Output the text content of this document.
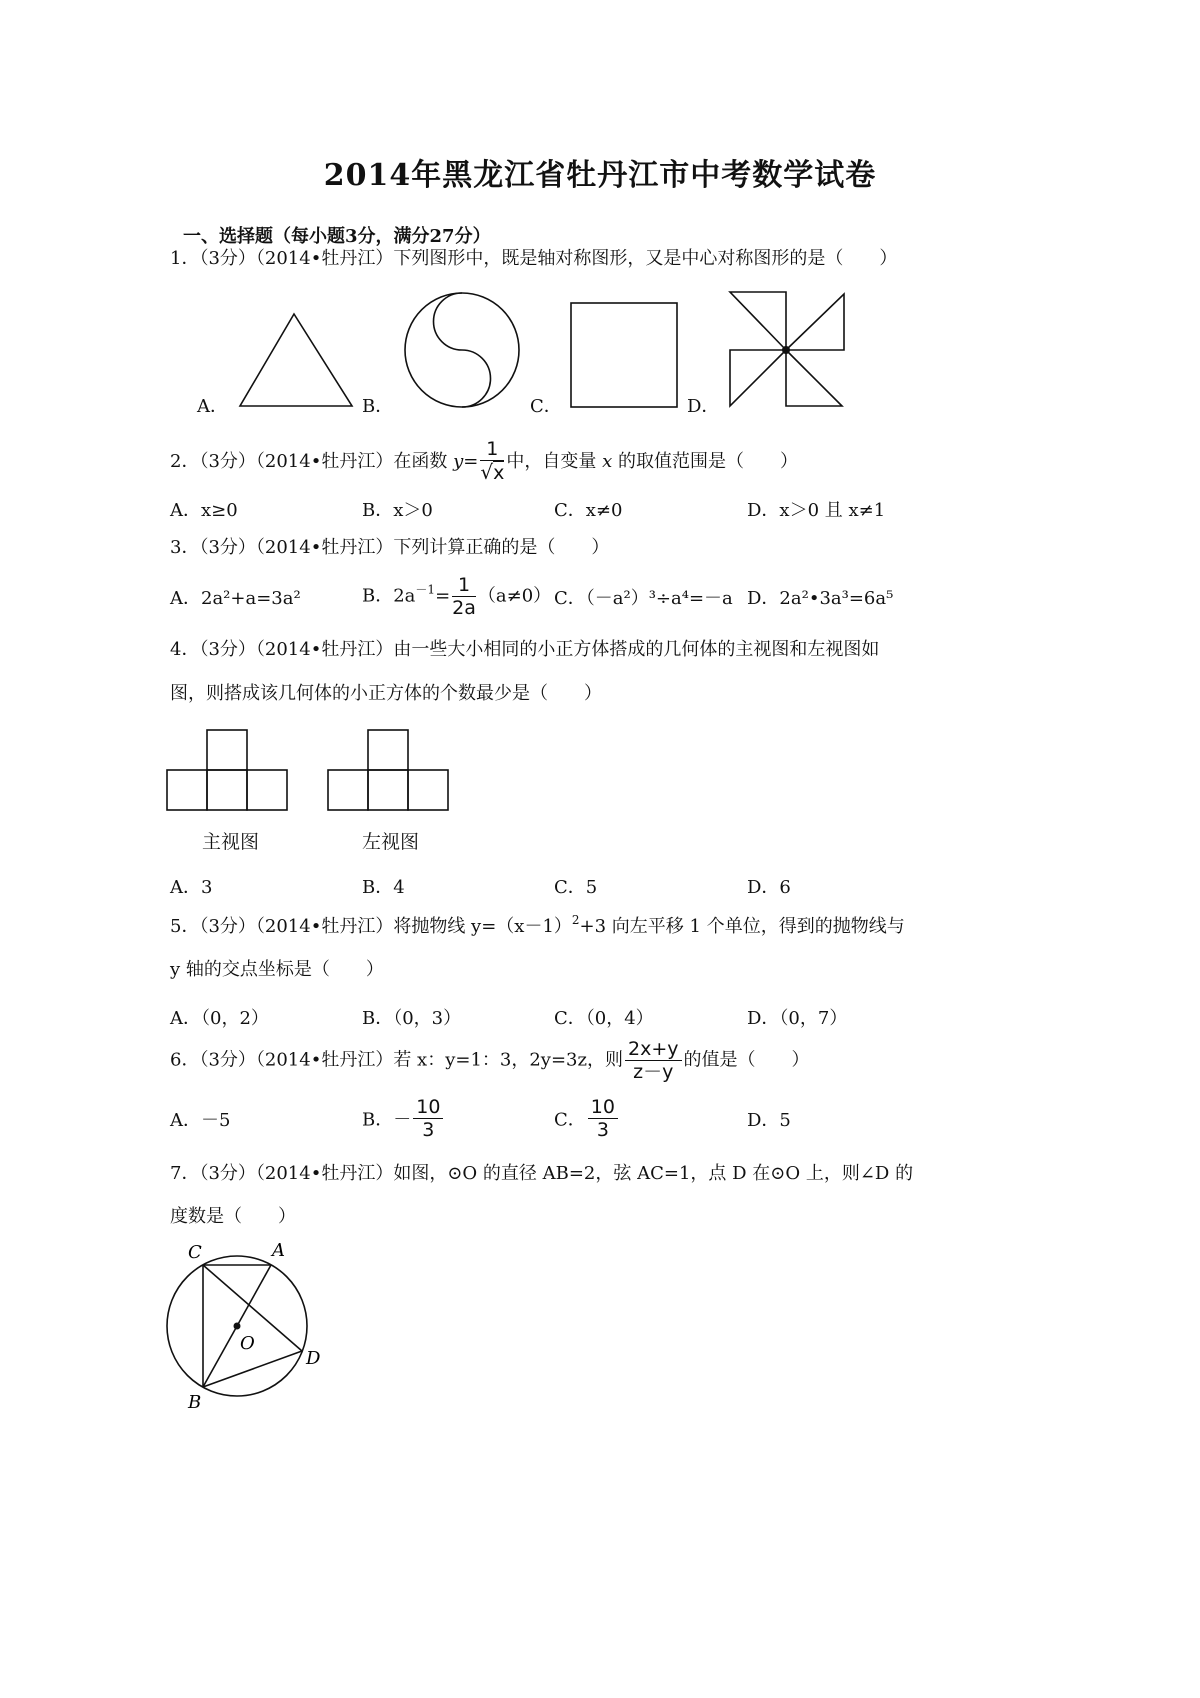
2014年黑龙江省牡丹江市中考数学试卷
一、选择题（每小题3分，满分27分）
1．（3分）（2014•牡丹江）下列图形中，既是轴对称图形，又是中心对称图形的是（　　）
A．	B．	C．	D．
2．（3分）（2014•牡丹江）在函数 $y= \frac{1}{√x}$ 中，自变量 x 的取值范围是（　　）
A．x≥0	B．x＞0	C．x≠0	D．x＞0 且 x≠1
3．（3分）（2014•牡丹江）下列计算正确的是（　　）
A．2a²+a=3a²	B．$2a^{-1}= \frac{1}{2a} (a\ne 0)$ C．（－a²）³÷a⁴=－a D．2a²•3a³=6a⁵
4．（3分）（2014•牡丹江）由一些大小相同的小正方体搭成的几何体的主视图和左视图如
图，则搭成该几何体的小正方体的个数最少是（　　）
主视图	左视图
A．3	B．4	C．5	D．6
5．（3分）（2014•牡丹江）将抛物线 $y=(x-1)^2+3$ 向左平移 1 个单位，得到的抛物线与
y 轴的交点坐标是（　　）
A．（0，2）	B．（0，3）	C．（0，4）	D．（0，7）
6．（3分）（2014•牡丹江）若 x：y=1：3，2y=3z，则 $\frac{2x+y}{z-y}$ 的值是（　　）
A．－5	B．－ $\frac{10}{3}$	C． $\frac{10}{3}$	D．5
7．（3分）（2014•牡丹江）如图，⊙O 的直径 AB=2，弦 AC=1，点 D 在⊙O 上，则∠D 的
度数是（　　）
C	A
O
D
B
